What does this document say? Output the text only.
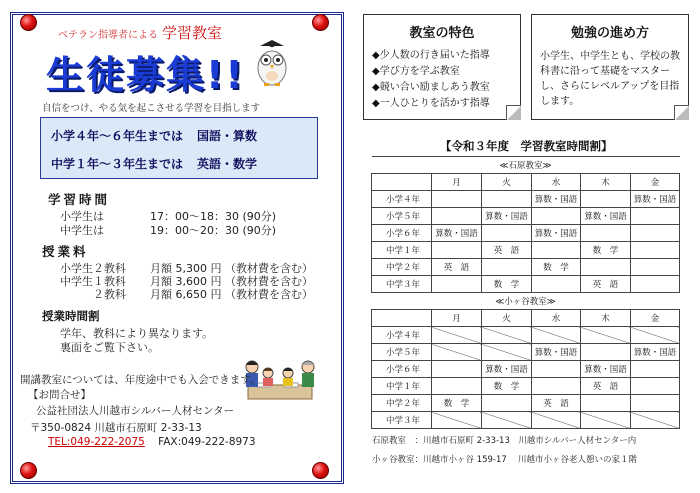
ベテラン指導者による 学習教室
生徒募集!!
自信をつけ、やる気を起こさせる学習を目指します
小学４年～６年生までは 国語・算数
中学１年～３年生までは 英語・数学
学習時間
小学生は	17：00～18：30 (90分)
中学生は	19：00～20：30 (90分)
授業料
小学生２教科 月額 5,300 円 （教材費を含む）
中学生１教科 月額 3,600 円 （教材費を含む）
２教科 月額 6,650 円 （教材費を含む）
授業時間割
学年、教科により異なります。
裏面をご覧下さい。
開講教室については、年度途中でも入会できます。
【お問合せ】
公益社団法人川越市シルバー人材センター
〒350-0824 川越市石原町 2-33-13
TEL:049-222-2075 FAX:049-222-8973
教室の特色
◆少人数の行き届いた指導
◆学び方を学ぶ教室
◆競い合い励ましあう教室
◆一人ひとりを活かす指導
勉強の進め方
小学生、中学生とも、学校の教科書に沿って基礎をマスターし、さらにレベルアップを目指します。
【令和３年度　学習教室時間割】
≪石原教室≫					
	月	火	水	木	金
小学４年			算数・国語		算数・国語
小学５年		算数・国語		算数・国語	
小学６年	算数・国語		算数・国語		
中学１年		英　語		数　学	
中学２年	英　語		数　学		
中学３年		数　学		英　語	
≪小ヶ谷教室≫					
	月	火	水	木	金
小学４年					
小学５年			算数・国語		算数・国語
小学６年		算数・国語		算数・国語	
中学１年		数　学		英　語	
中学２年	数　学		英　語		
中学３年					
石原教室　：川越市石原町 2-33-13　川越市シルバー人材センター内
小ヶ谷教室：川越市小ヶ谷 159-17　 川越市小ヶ谷老人憩いの家１階
